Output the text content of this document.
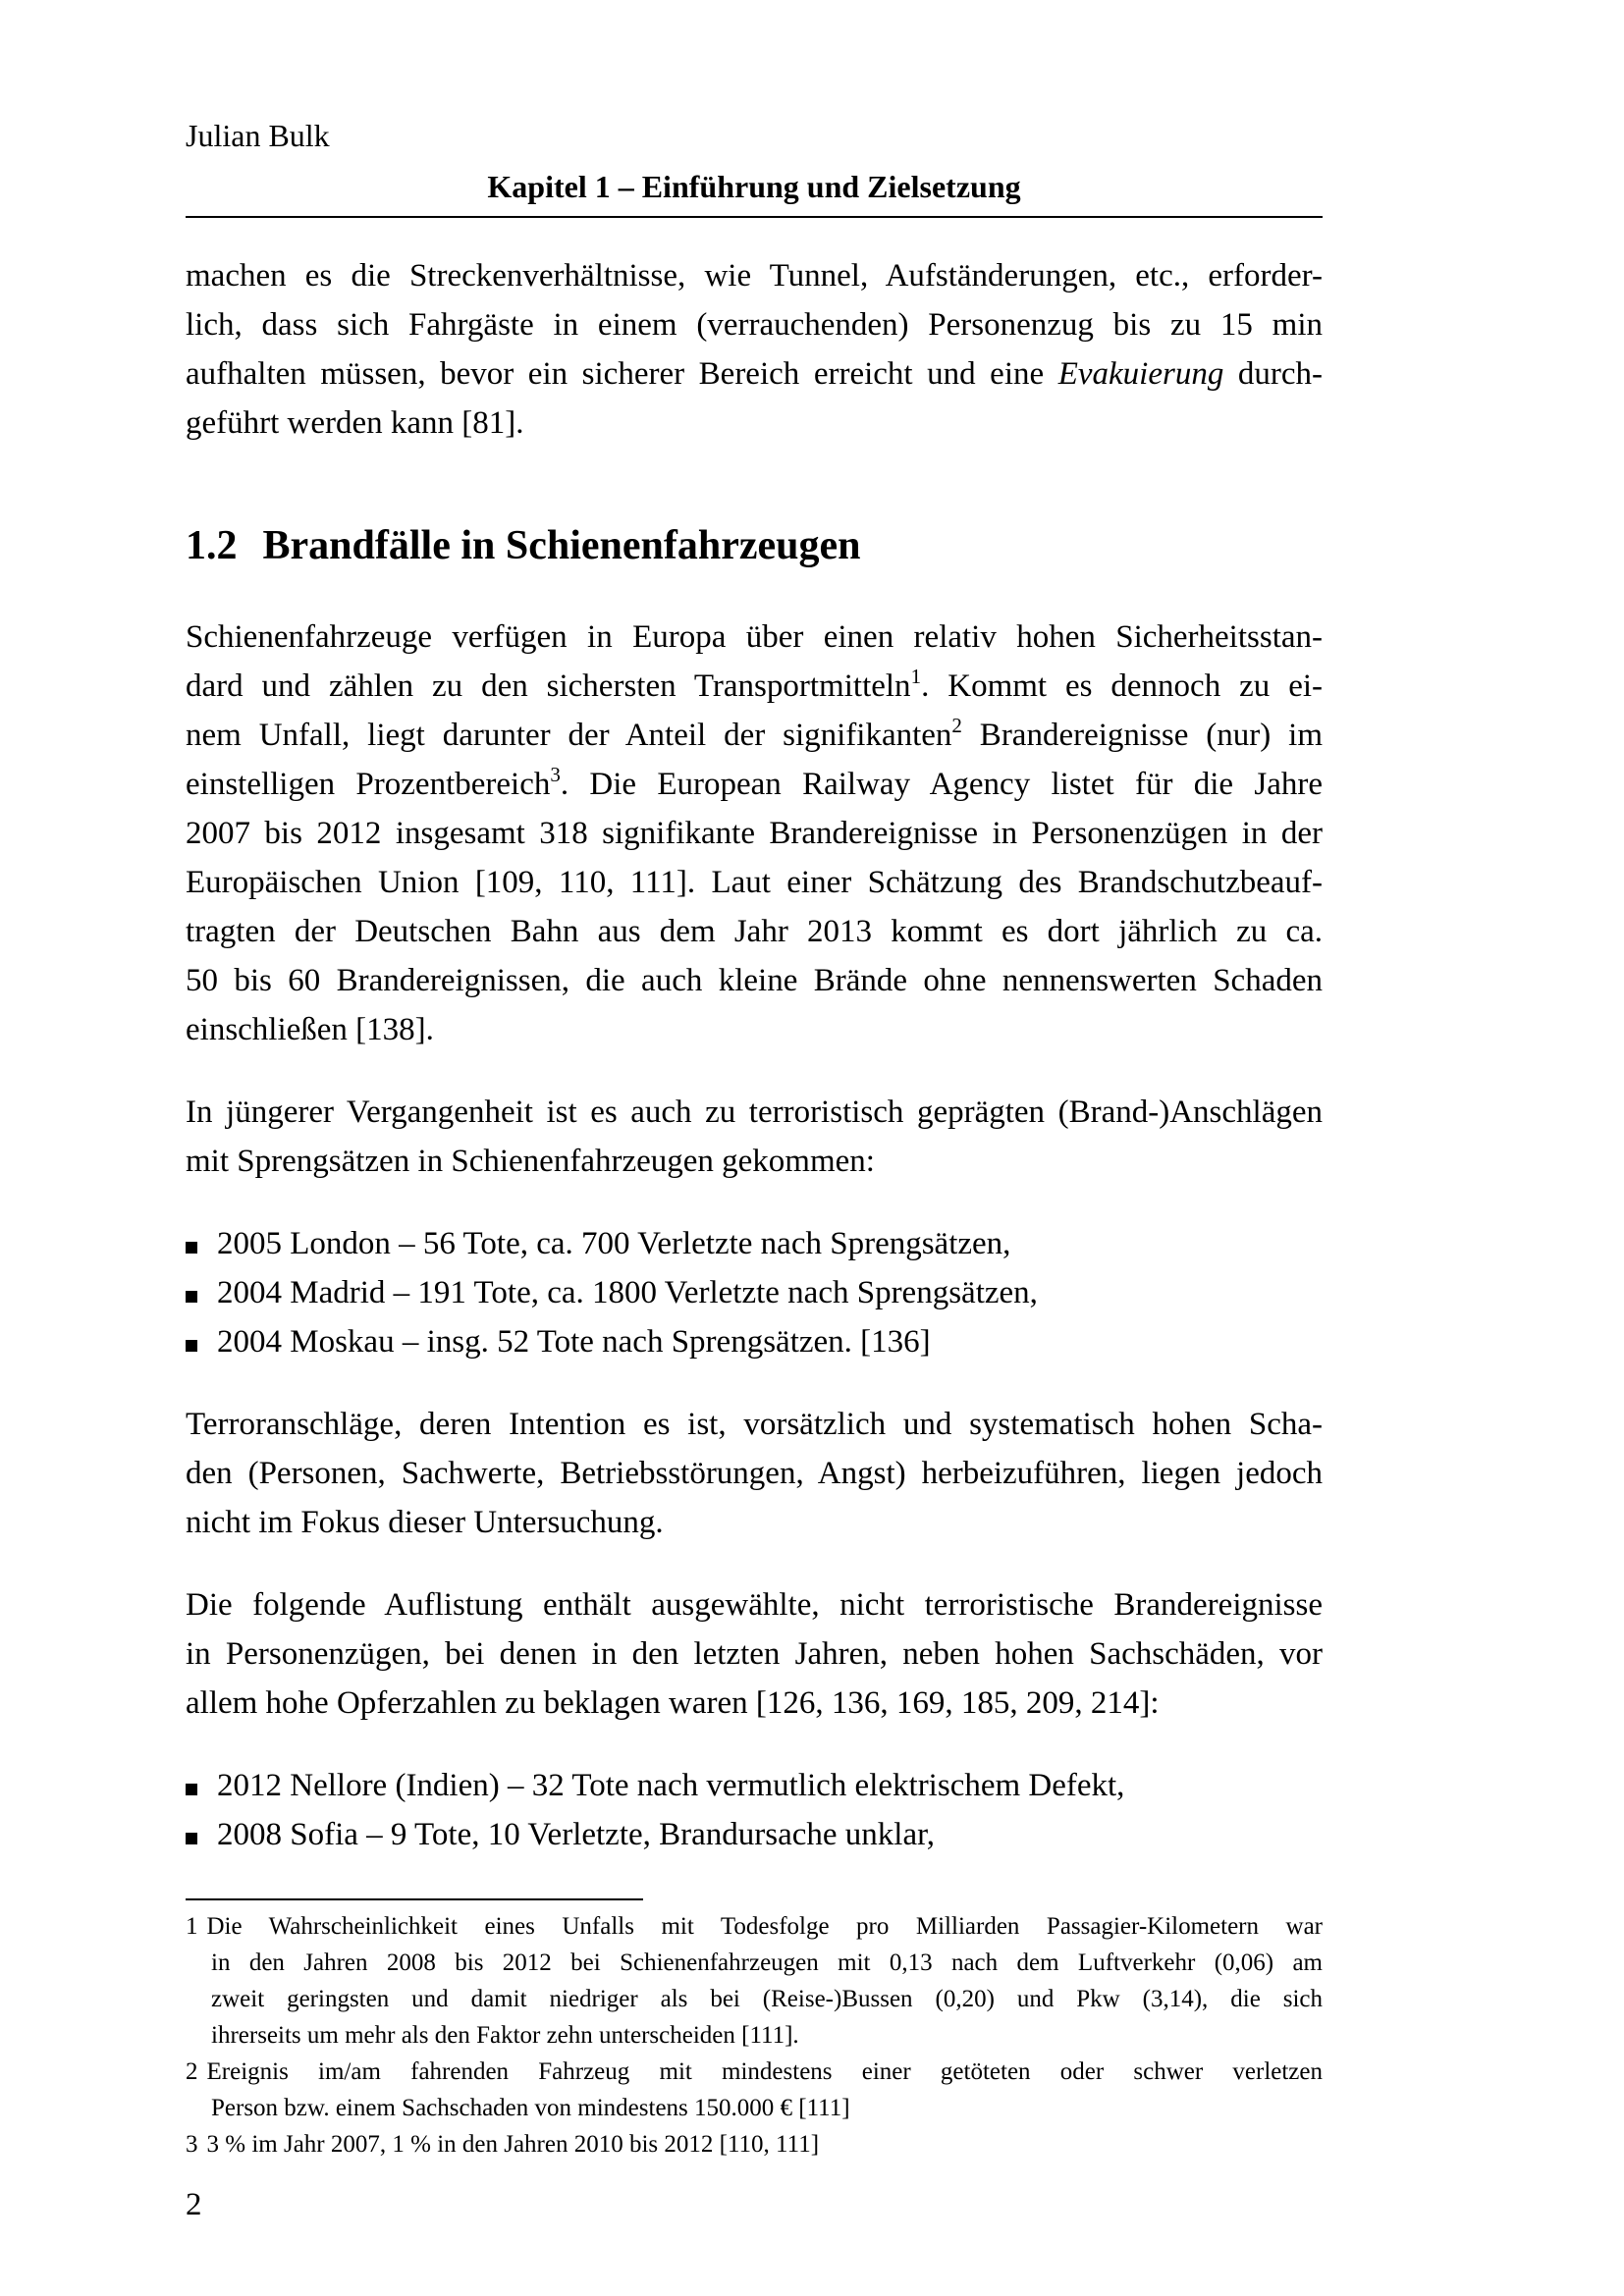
Julian Bulk
Kapitel 1 – Einführung und Zielsetzung
machen es die Streckenverhältnisse, wie Tunnel, Aufständerungen, etc., erforder-
lich, dass sich Fahrgäste in einem (verrauchenden) Personenzug bis zu 15 min
aufhalten müssen, bevor ein sicherer Bereich erreicht und eine Evakuierung durch-
geführt werden kann [81].
1.2 Brandfälle in Schienenfahrzeugen
Schienenfahrzeuge verfügen in Europa über einen relativ hohen Sicherheitsstan-
dard und zählen zu den sichersten Transportmitteln$^1$. Kommt es dennoch zu ei-
nem Unfall, liegt darunter der Anteil der signifikanten$^2$ Brandereignisse (nur) im
einstelligen Prozentbereich$^3$. Die European Railway Agency listet für die Jahre
2007 bis 2012 insgesamt 318 signifikante Brandereignisse in Personenzügen in der
Europäischen Union [109, 110, 111]. Laut einer Schätzung des Brandschutzbeauf-
tragten der Deutschen Bahn aus dem Jahr 2013 kommt es dort jährlich zu ca.
50 bis 60 Brandereignissen, die auch kleine Brände ohne nennenswerten Schaden
einschließen [138].
In jüngerer Vergangenheit ist es auch zu terroristisch geprägten (Brand-)Anschlägen
mit Sprengsätzen in Schienenfahrzeugen gekommen:
2005 London – 56 Tote, ca. 700 Verletzte nach Sprengsätzen,
2004 Madrid – 191 Tote, ca. 1800 Verletzte nach Sprengsätzen,
2004 Moskau – insg. 52 Tote nach Sprengsätzen. [136]
Terroranschläge, deren Intention es ist, vorsätzlich und systematisch hohen Scha-
den (Personen, Sachwerte, Betriebsstörungen, Angst) herbeizuführen, liegen jedoch
nicht im Fokus dieser Untersuchung.
Die folgende Auflistung enthält ausgewählte, nicht terroristische Brandereignisse
in Personenzügen, bei denen in den letzten Jahren, neben hohen Sachschäden, vor
allem hohe Opferzahlen zu beklagen waren [126, 136, 169, 185, 209, 214]:
2012 Nellore (Indien) – 32 Tote nach vermutlich elektrischem Defekt,
2008 Sofia – 9 Tote, 10 Verletzte, Brandursache unklar,
1 Die Wahrscheinlichkeit eines Unfalls mit Todesfolge pro Milliarden Passagier-Kilometern war
in den Jahren 2008 bis 2012 bei Schienenfahrzeugen mit 0,13 nach dem Luftverkehr (0,06) am
zweit geringsten und damit niedriger als bei (Reise-)Bussen (0,20) und Pkw (3,14), die sich
ihrerseits um mehr als den Faktor zehn unterscheiden [111].
2 Ereignis im/am fahrenden Fahrzeug mit mindestens einer getöteten oder schwer verletzen
Person bzw. einem Sachschaden von mindestens 150.000 € [111]
3 3 % im Jahr 2007, 1 % in den Jahren 2010 bis 2012 [110, 111]
2
